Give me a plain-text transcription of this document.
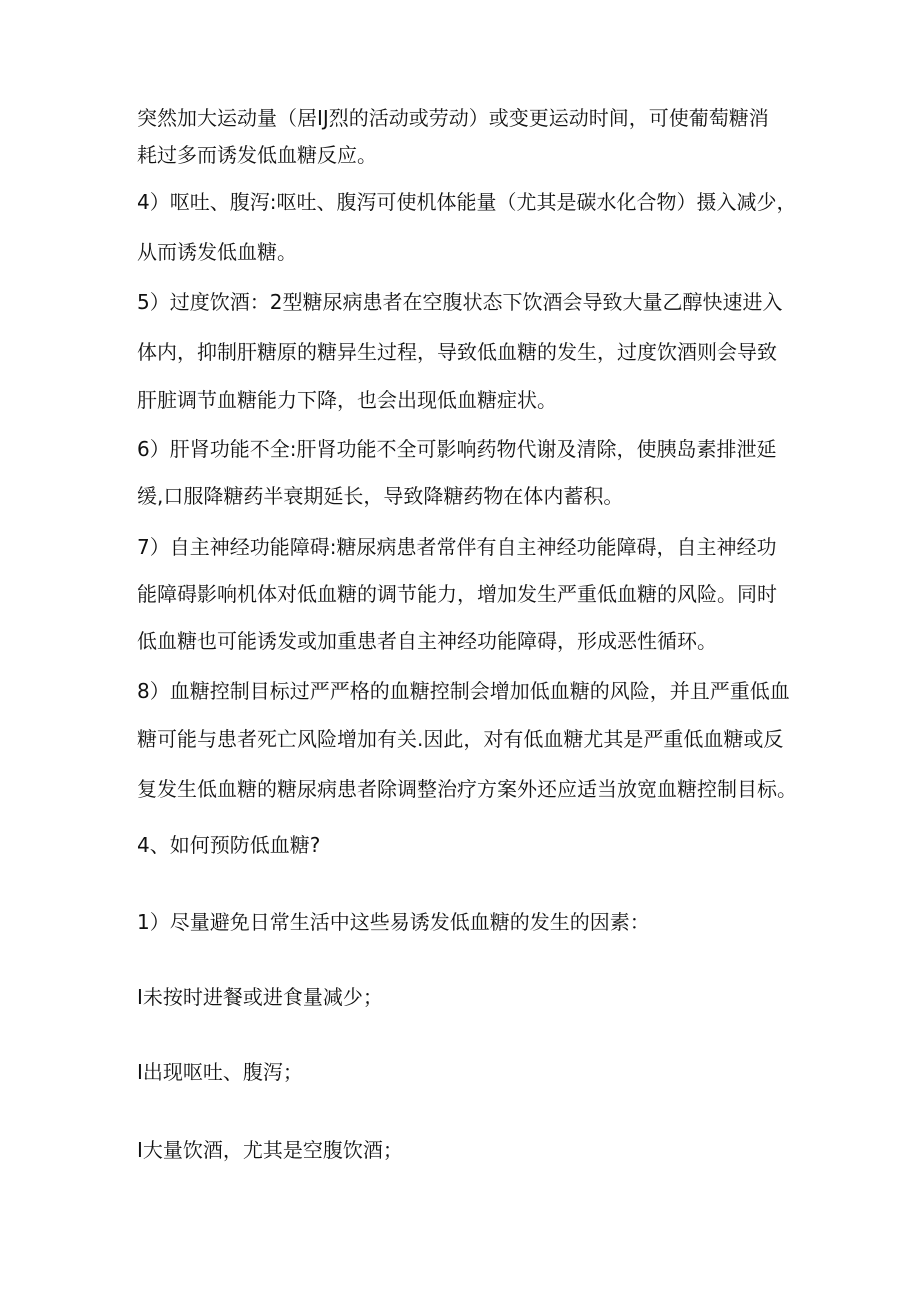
突然加大运动量（居IJ烈的活动或劳动）或变更运动时间，可使葡萄糖消
耗过多而诱发低血糖反应。
4）呕吐、腹泻:呕吐、腹泻可使机体能量（尤其是碳水化合物）摄入减少，
从而诱发低血糖。
5）过度饮酒：2型糖尿病患者在空腹状态下饮酒会导致大量乙醇快速进入
体内，抑制肝糖原的糖异生过程，导致低血糖的发生，过度饮酒则会导致
肝脏调节血糖能力下降，也会出现低血糖症状。
6）肝肾功能不全:肝肾功能不全可影响药物代谢及清除，使胰岛素排泄延
缓,口服降糖药半衰期延长，导致降糖药物在体内蓄积。
7）自主神经功能障碍:糖尿病患者常伴有自主神经功能障碍，自主神经功
能障碍影响机体对低血糖的调节能力，增加发生严重低血糖的风险。同时
低血糖也可能诱发或加重患者自主神经功能障碍，形成恶性循环。
8）血糖控制目标过严严格的血糖控制会增加低血糖的风险，并且严重低血
糖可能与患者死亡风险增加有关.因此，对有低血糖尤其是严重低血糖或反
复发生低血糖的糖尿病患者除调整治疗方案外还应适当放宽血糖控制目标。
4、如何预防低血糖?
1）尽量避免日常生活中这些易诱发低血糖的发生的因素：
I未按时进餐或进食量减少；
I出现呕吐、腹泻；
I大量饮酒，尤其是空腹饮酒；
